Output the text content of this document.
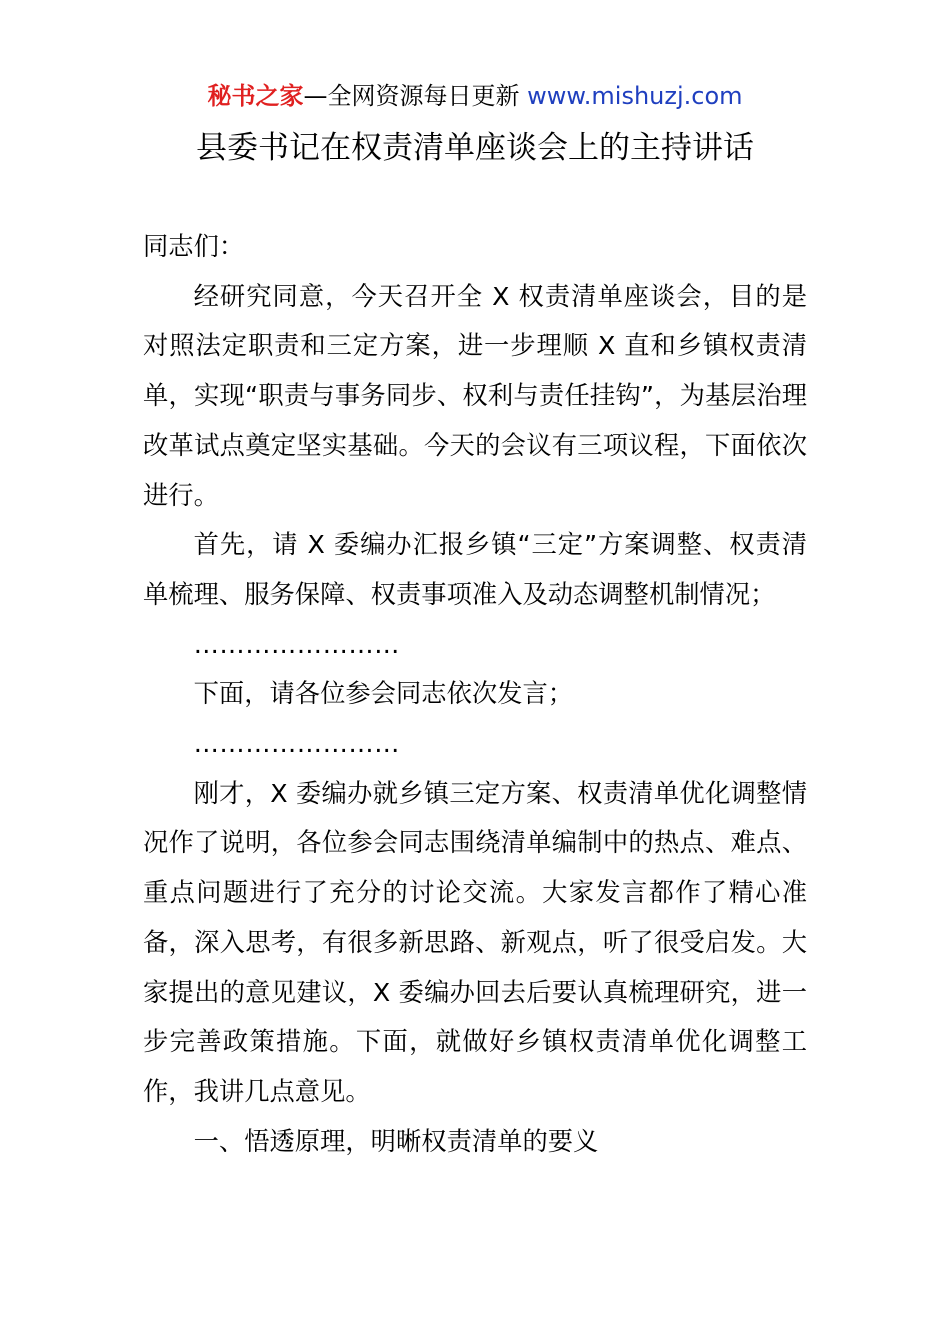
秘书之家—全网资源每日更新 www.mishuzj.com
县委书记在权责清单座谈会上的主持讲话

同志们：

经研究同意，今天召开全 X 权责清单座谈会，目的是对照法定职责和三定方案，进一步理顺 X 直和乡镇权责清单，实现“职责与事务同步、权利与责任挂钩”，为基层治理改革试点奠定坚实基础。今天的会议有三项议程，下面依次进行。

首先，请 X 委编办汇报乡镇“三定”方案调整、权责清单梳理、服务保障、权责事项准入及动态调整机制情况；

……………………

下面，请各位参会同志依次发言；

……………………

刚才，X 委编办就乡镇三定方案、权责清单优化调整情况作了说明，各位参会同志围绕清单编制中的热点、难点、重点问题进行了充分的讨论交流。大家发言都作了精心准备，深入思考，有很多新思路、新观点，听了很受启发。大家提出的意见建议，X 委编办回去后要认真梳理研究，进一步完善政策措施。下面，就做好乡镇权责清单优化调整工作，我讲几点意见。

一、悟透原理，明晰权责清单的要义
